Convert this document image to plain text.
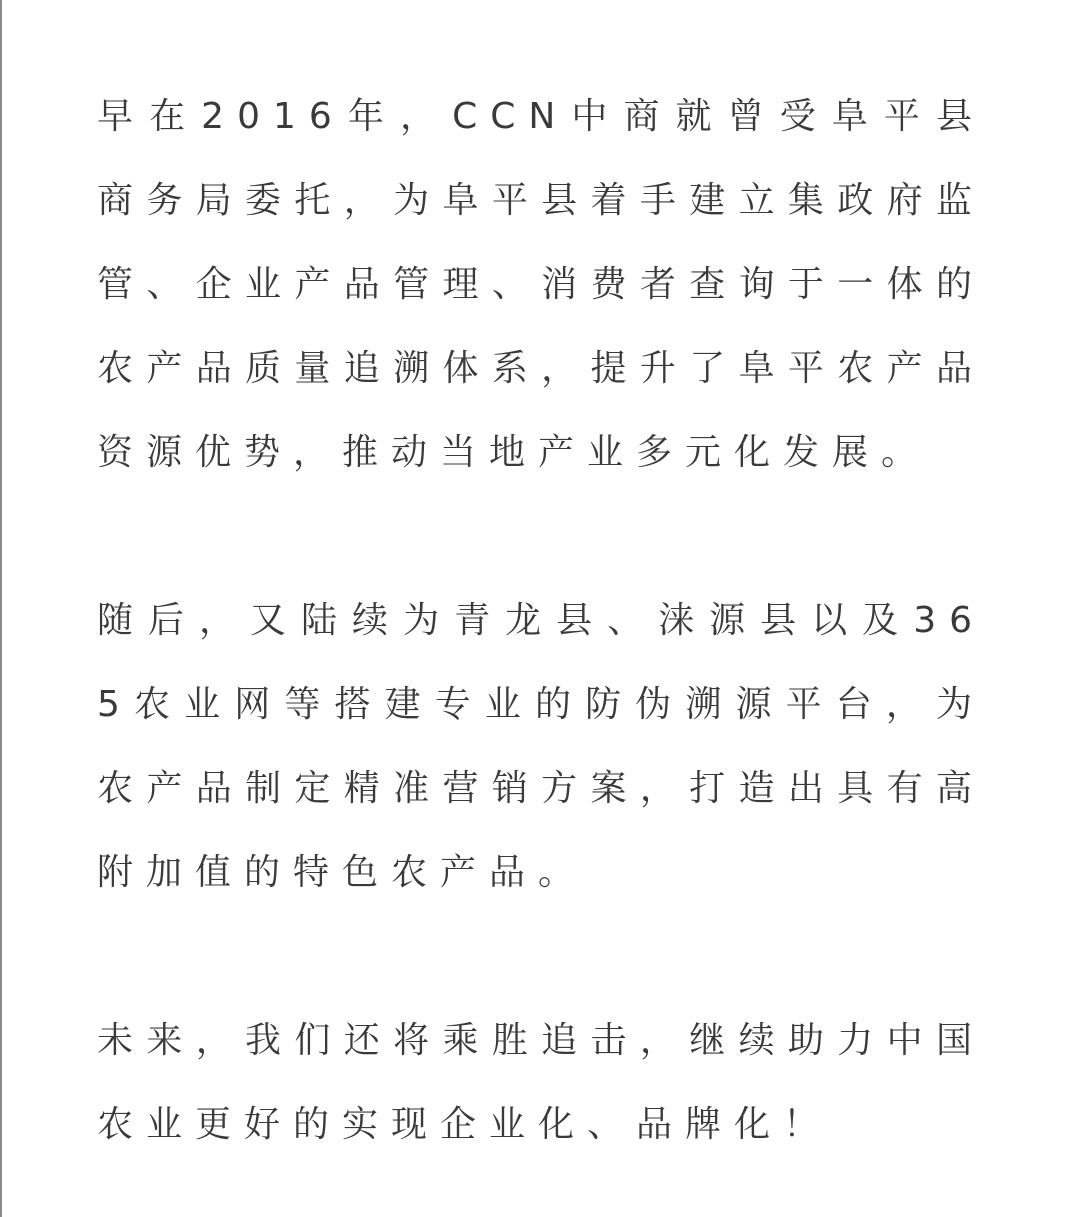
早在2016年，CCN中商就曾受阜平县商务局委托，为阜平县着手建立集政府监管、企业产品管理、消费者查询于一体的农产品质量追溯体系，提升了阜平农产品资源优势，推动当地产业多元化发展。

随后，又陆续为青龙县、涞源县以及365农业网等搭建专业的防伪溯源平台，为农产品制定精准营销方案，打造出具有高附加值的特色农产品。

未来，我们还将乘胜追击，继续助力中国农业更好的实现企业化、品牌化！
